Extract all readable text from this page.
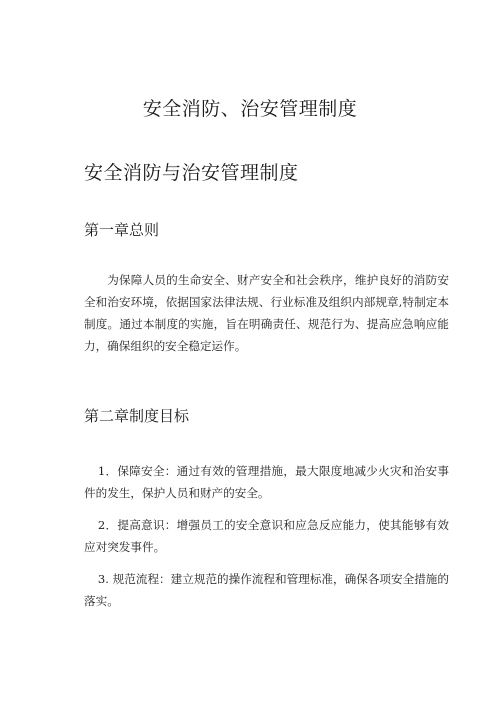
安全消防、治安管理制度
安全消防与治安管理制度
第一章总则
为保障人员的生命安全、财产安全和社会秩序，维护良好的消防安全和治安环境，依据国家法律法规、行业标准及组织内部规章,特制定本制度。通过本制度的实施，旨在明确责任、规范行为、提高应急响应能力，确保组织的安全稳定运作。
第二章制度目标
1．保障安全：通过有效的管理措施，最大限度地减少火灾和治安事件的发生，保护人员和财产的安全。
2．提高意识：增强员工的安全意识和应急反应能力，使其能够有效应对突发事件。
3. 规范流程：建立规范的操作流程和管理标准，确保各项安全措施的落实。
